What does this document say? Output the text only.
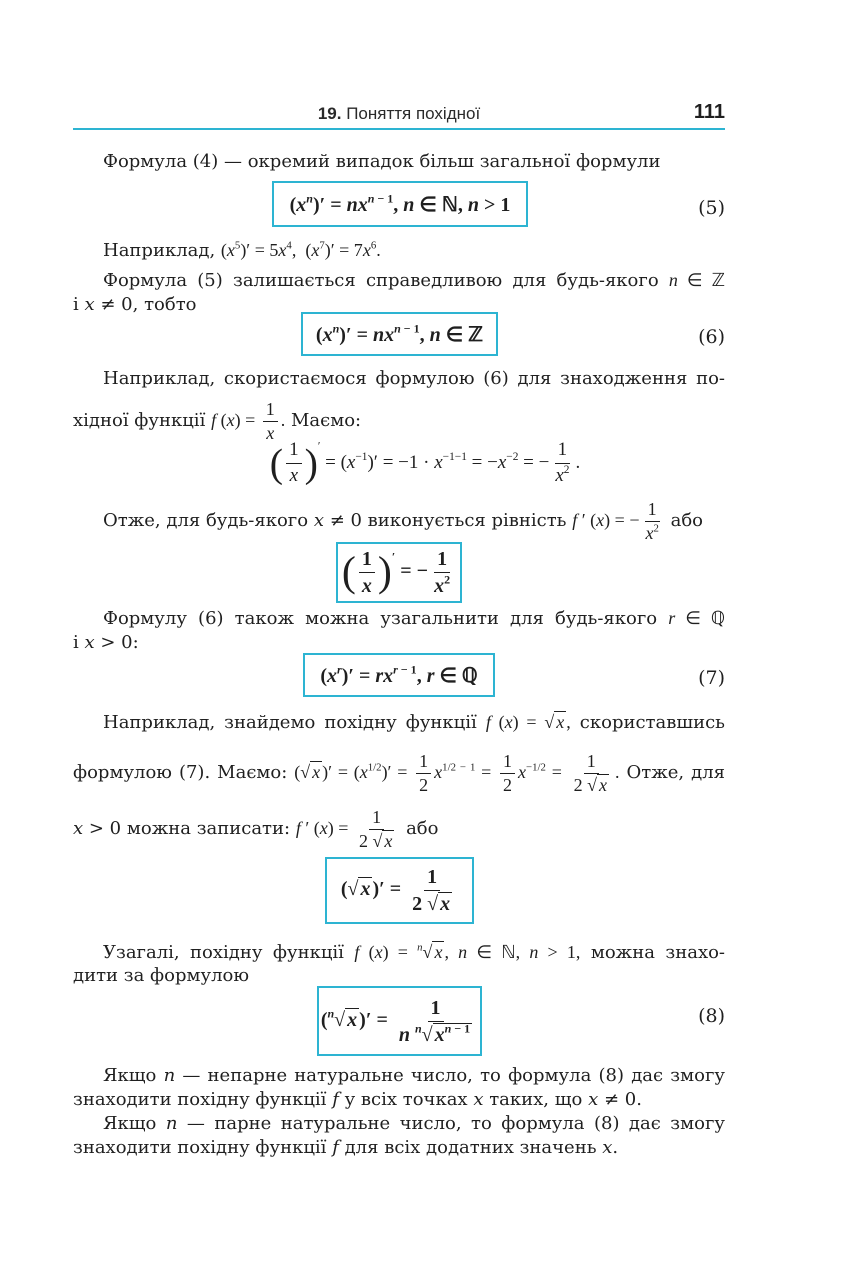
19. Поняття похідної	111
Формула (4) — окремий випадок більш загальної формули
$(x^n)' = nx^{n - 1}$, n ∈ ℕ, n > 1	(5)
Наприклад, $(x^5)' = 5x^4$,  $(x^7)' = 7x^6$.
Формула (5) залишається справедливою для будь-якого n ∈ ℤ
і x ≠ 0, тобто
$(x^n)' = nx^{n - 1}$, n ∈ ℤ	(6)
Наприклад, скористаємося формулою (6) для знаходження по-
хідної функції f $(x) = \frac{1}{x}$ . Маємо:
( $\frac{1}{x} )' = (x^{-1})' = -1 \cdot x^{-1-1} = -x^{-2}$ = − $\frac{1}{x^2}$ .
Отже, для будь-якого x ≠ 0 виконується рівність f ′ (x) = − $\frac{1}{x^2}$ або
( $\frac{1}{x} )'$ = − $\frac{1}{x^2}$
Формулу (6) також можна узагальнити для будь-якого r ∈ ℚ
і x > 0:
$(x^r)' = rx^{r - 1}$, r ∈ ℚ	(7)
Наприклад, знайдемо похідну функції f (x) = √ x , скориставшись
формулою (7). Маємо: (√ x )′ = $(x^{1/2})' = \frac{1}{2} x^{1/2 - 1} = \frac{1}{2} x^{-1/2} = \frac{1}{2 √ x}$ . Отже, для
x > 0 можна записати: f ′ $(x) = \frac{1}{2 √ x}$ або
(√ x )′ = $\frac{1}{2 √ x}$
Узагалі, похідну функції f (x) = $^n$√ x , n ∈ ℕ, n > 1, можна знахо-
дити за формулою
($^n$√ x )′ = $\frac{1}{n ^n√ x^{n - 1}}$	(8)
Якщо n — непарне натуральне число, то формула (8) дає змогу
знаходити похідну функції f у всіх точках x таких, що x ≠ 0.
Якщо n — парне натуральне число, то формула (8) дає змогу
знаходити похідну функції f для всіх додатних значень x.
